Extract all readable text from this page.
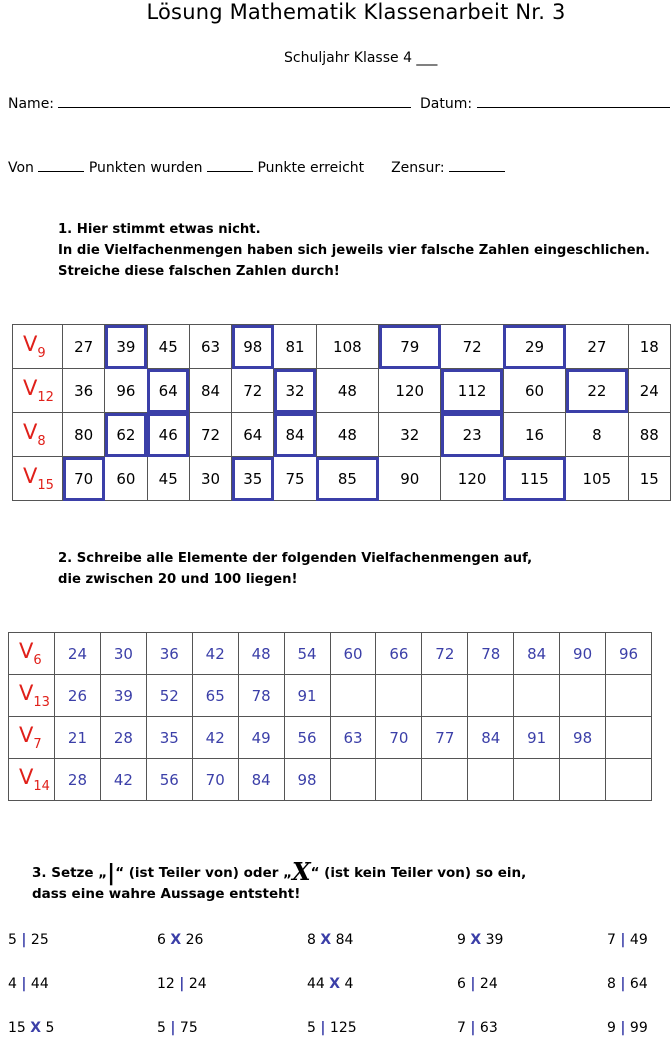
Lösung Mathematik Klassenarbeit Nr. 3
Schuljahr Klasse 4 ___
Name:	Datum:
Von	Punkten wurden	Punkte erreicht Zensur:
1. Hier stimmt etwas nicht.
In die Vielfachenmengen haben sich jeweils vier falsche Zahlen eingeschlichen.
Streiche diese falschen Zahlen durch!
$V_9$	27	39	45	63	98	81	108	79	72	29	27	18
$V_{12}$	36	96	64	84	72	32	48	120	112	60	22	24
$V_8$	80	62	46	72	64	84	48	32	23	16	8	88
$V_{15}$	70	60	45	30	35	75	85	90	120	115	105	15
2. Schreibe alle Elemente der folgenden Vielfachenmengen auf,
die zwischen 20 und 100 liegen!
$V_6$	24	30	36	42	48	54	60	66	72	78	84	90	96
$V_{13}$	26	39	52	65	78	91							
$V_7$	21	28	35	42	49	56	63	70	77	84	91	98	
$V_{14}$	28	42	56	70	84	98							
3. Setze „|“ (ist Teiler von) oder „X“ (ist kein Teiler von) so ein,
dass eine wahre Aussage entsteht!
5 | 25	6 X 26	8 X 84	9 X 39	7 | 49
4 | 44	12 | 24	44 X 4	6 | 24	8 | 64
15 X 5	5 | 75	5 | 125	7 | 63	9 | 99
